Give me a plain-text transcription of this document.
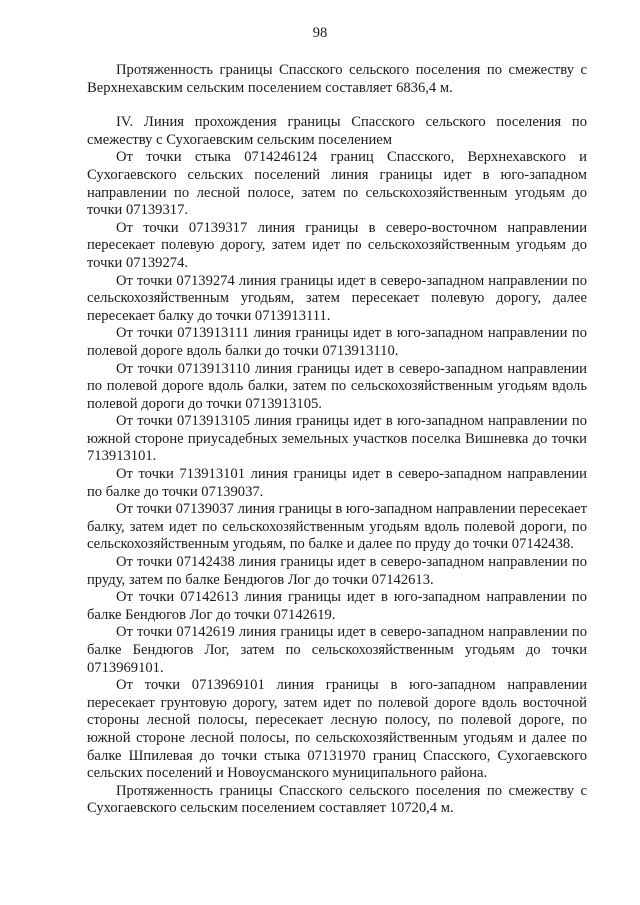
98

Протяженность границы Спасского сельского поселения по смежеству с Верхнехавским сельским поселением составляет 6836,4 м.

IV. Линия прохождения границы Спасского сельского поселения по смежеству с Сухогаевским сельским поселением

От точки стыка 0714246124 границ Спасского, Верхнехавского и Сухогаевского сельских поселений линия границы идет в юго-западном направлении по лесной полосе, затем по сельскохозяйственным угодьям до точки 07139317.

От точки 07139317 линия границы в северо-восточном направлении пересекает полевую дорогу, затем идет по сельскохозяйственным угодьям до точки 07139274.

От точки 07139274 линия границы идет в северо-западном направлении по сельскохозяйственным угодьям, затем пересекает полевую дорогу, далее пересекает балку до точки 0713913111.

От точки 0713913111 линия границы идет в юго-западном направлении по полевой дороге вдоль балки до точки 0713913110.

От точки 0713913110 линия границы идет в северо-западном направлении по полевой дороге вдоль балки, затем по сельскохозяйственным угодьям вдоль полевой дороги до точки 0713913105.

От точки 0713913105 линия границы идет в юго-западном направлении по южной стороне приусадебных земельных участков поселка Вишневка до точки 713913101.

От точки 713913101 линия границы идет в северо-западном направлении по балке до точки 07139037.

От точки 07139037 линия границы в юго-западном направлении пересекает балку, затем идет по сельскохозяйственным угодьям вдоль полевой дороги, по сельскохозяйственным угодьям, по балке и далее по пруду до точки 07142438.

От точки 07142438 линия границы идет в северо-западном направлении по пруду, затем по балке Бендюгов Лог до точки 07142613.

От точки 07142613 линия границы идет в юго-западном направлении по балке Бендюгов Лог до точки 07142619.

От точки 07142619 линия границы идет в северо-западном направлении по балке Бендюгов Лог, затем по сельскохозяйственным угодьям до точки 0713969101.

От точки 0713969101 линия границы в юго-западном направлении пересекает грунтовую дорогу, затем идет по полевой дороге вдоль восточной стороны лесной полосы, пересекает лесную полосу, по полевой дороге, по южной стороне лесной полосы, по сельскохозяйственным угодьям и далее по балке Шпилевая до точки стыка 07131970 границ Спасского, Сухогаевского сельских поселений и Новоусманского муниципального района.

Протяженность границы Спасского сельского поселения по смежеству с Сухогаевского сельским поселением составляет 10720,4 м.
